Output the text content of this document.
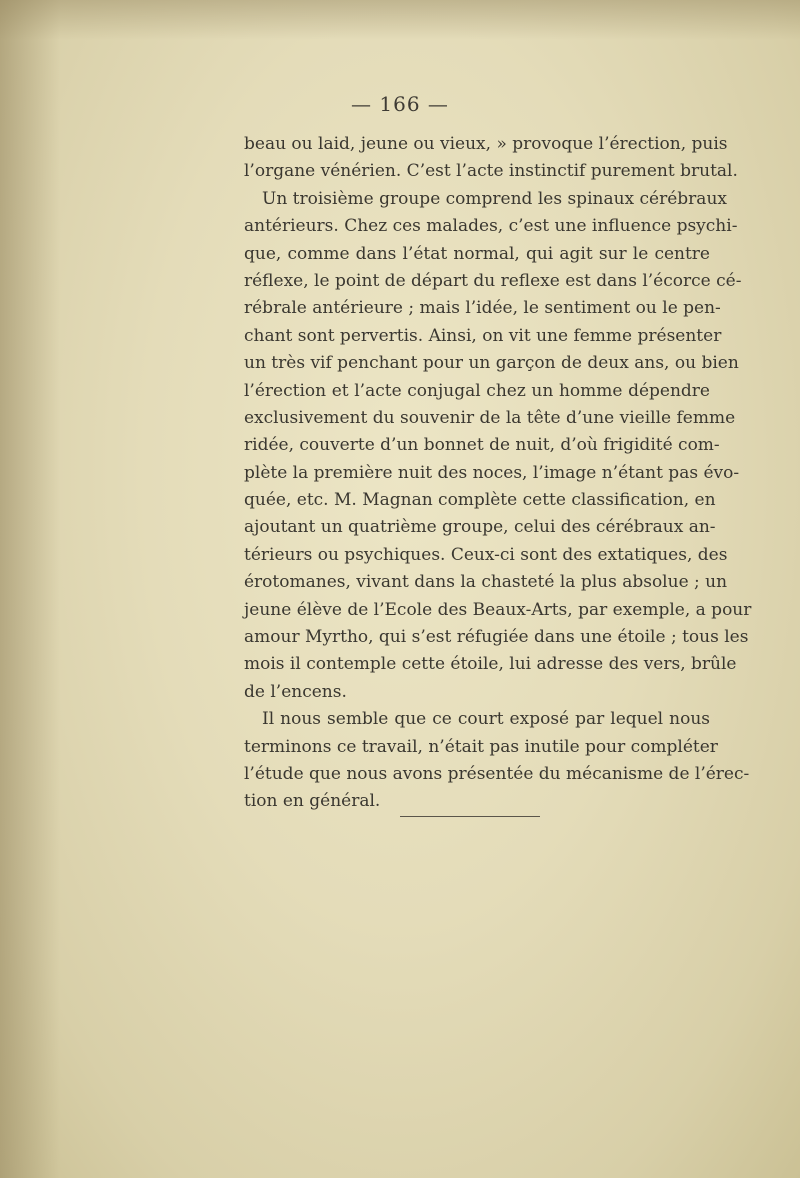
— 166 —
beau ou laid, jeune ou vieux, » provoque l’érection, puis
l’organe vénérien. C’est l’acte instinctif purement brutal.
Un troisième groupe comprend les spinaux cérébraux
antérieurs. Chez ces malades, c’est une influence psychi-
que, comme dans l’état normal, qui agit sur le centre
réflexe, le point de départ du reflexe est dans l’écorce cé-
rébrale antérieure ; mais l’idée, le sentiment ou le pen-
chant sont pervertis. Ainsi, on vit une femme présenter
un très vif penchant pour un garçon de deux ans, ou bien
l’érection et l’acte conjugal chez un homme dépendre
exclusivement du souvenir de la tête d’une vieille femme
ridée, couverte d’un bonnet de nuit, d’où frigidité com-
plète la première nuit des noces, l’image n’étant pas évo-
quée, etc. M. Magnan complète cette classification, en
ajoutant un quatrième groupe, celui des cérébraux an-
térieurs ou psychiques. Ceux-ci sont des extatiques, des
érotomanes, vivant dans la chasteté la plus absolue ; un
jeune élève de l’Ecole des Beaux-Arts, par exemple, a pour
amour Myrtho, qui s’est réfugiée dans une étoile ; tous les
mois il contemple cette étoile, lui adresse des vers, brûle
de l’encens.
Il nous semble que ce court exposé par lequel nous
terminons ce travail, n’était pas inutile pour compléter
l’étude que nous avons présentée du mécanisme de l’érec-
tion en général.
